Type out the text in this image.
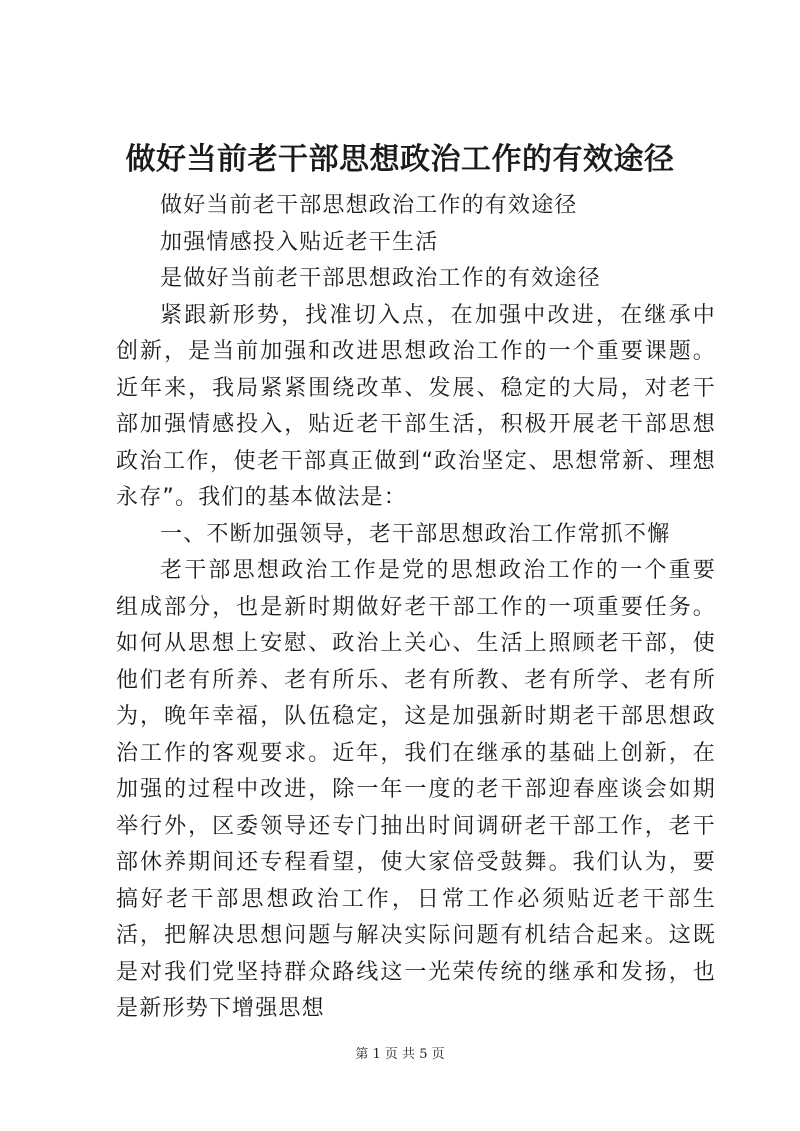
做好当前老干部思想政治工作的有效途径

做好当前老干部思想政治工作的有效途径

加强情感投入贴近老干生活

是做好当前老干部思想政治工作的有效途径

紧跟新形势，找准切入点，在加强中改进，在继承中创新，是当前加强和改进思想政治工作的一个重要课题。近年来，我局紧紧围绕改革、发展、稳定的大局，对老干部加强情感投入，贴近老干部生活，积极开展老干部思想政治工作，使老干部真正做到“政治坚定、思想常新、理想永存”。我们的基本做法是：

一、不断加强领导，老干部思想政治工作常抓不懈

老干部思想政治工作是党的思想政治工作的一个重要组成部分，也是新时期做好老干部工作的一项重要任务。如何从思想上安慰、政治上关心、生活上照顾老干部，使他们老有所养、老有所乐、老有所教、老有所学、老有所为，晚年幸福，队伍稳定，这是加强新时期老干部思想政治工作的客观要求。近年，我们在继承的基础上创新，在加强的过程中改进，除一年一度的老干部迎春座谈会如期举行外，区委领导还专门抽出时间调研老干部工作，老干部休养期间还专程看望，使大家倍受鼓舞。我们认为，要搞好老干部思想政治工作，日常工作必须贴近老干部生活，把解决思想问题与解决实际问题有机结合起来。这既是对我们党坚持群众路线这一光荣传统的继承和发扬，也是新形势下增强思想

第 1 页 共 5 页
